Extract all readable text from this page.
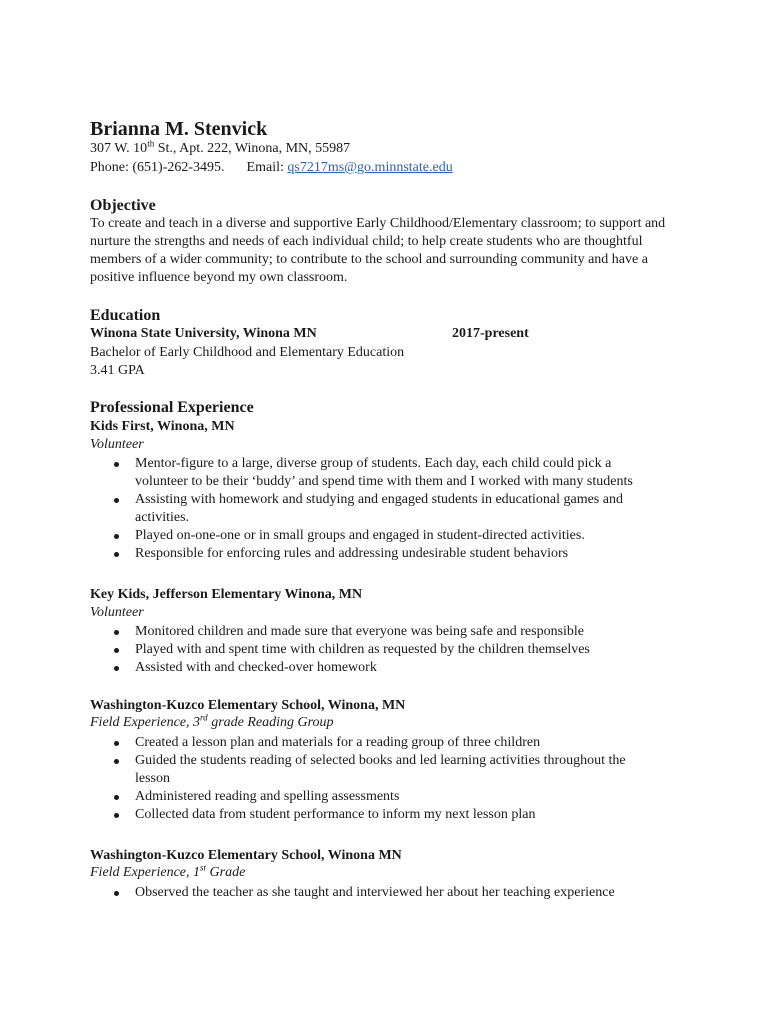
Brianna M. Stenvick
307 W. 10th St., Apt. 222, Winona, MN, 55987
Phone: (651)-262-3495. Email: qs7217ms@go.minnstate.edu
Objective
To create and teach in a diverse and supportive Early Childhood/Elementary classroom; to support and nurture the strengths and needs of each individual child; to help create students who are thoughtful members of a wider community; to contribute to the school and surrounding community and have a positive influence beyond my own classroom.
Education
Winona State University, Winona MN	2017-present
Bachelor of Early Childhood and Elementary Education
3.41 GPA
Professional Experience
Kids First, Winona, MN
Volunteer
Mentor-figure to a large, diverse group of students. Each day, each child could pick a volunteer to be their ‘buddy’ and spend time with them and I worked with many students
Assisting with homework and studying and engaged students in educational games and activities.
Played on-one-one or in small groups and engaged in student-directed activities.
Responsible for enforcing rules and addressing undesirable student behaviors
Key Kids, Jefferson Elementary Winona, MN
Volunteer
Monitored children and made sure that everyone was being safe and responsible
Played with and spent time with children as requested by the children themselves
Assisted with and checked-over homework
Washington-Kuzco Elementary School, Winona, MN
Field Experience, 3rd grade Reading Group
Created a lesson plan and materials for a reading group of three children
Guided the students reading of selected books and led learning activities throughout the lesson
Administered reading and spelling assessments
Collected data from student performance to inform my next lesson plan
Washington-Kuzco Elementary School, Winona MN
Field Experience, 1st Grade
Observed the teacher as she taught and interviewed her about her teaching experience
